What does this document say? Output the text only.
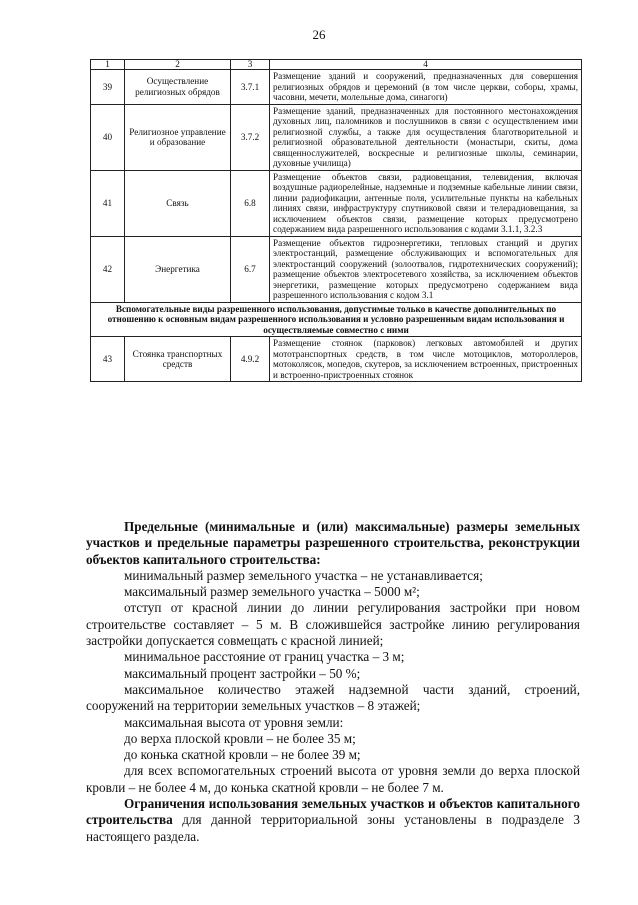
26
1	2	3	4
39	Осуществление религиозных обрядов	3.7.1	Размещение зданий и сооружений, предназначенных для совершения религиозных обрядов и церемоний (в том числе церкви, соборы, храмы, часовни, мечети, молельные дома, синагоги)
40	Религиозное управление и образование	3.7.2	Размещение зданий, предназначенных для постоянного местонахождения духовных лиц, паломников и послушников в связи с осуществлением ими религиозной службы, а также для осуществления благотворительной и религиозной образовательной деятельности (монастыри, скиты, дома священнослужителей, воскресные и религиозные школы, семинарии, духовные училища)
41	Связь	6.8	Размещение объектов связи, радиовещания, телевидения, включая воздушные радиорелейные, надземные и подземные кабельные линии связи, линии радиофикации, антенные поля, усилительные пункты на кабельных линиях связи, инфраструктуру спутниковой связи и телерадиовещания, за исключением объектов связи, размещение которых предусмотрено содержанием вида разрешенного использования с кодами 3.1.1, 3.2.3
42	Энергетика	6.7	Размещение объектов гидроэнергетики, тепловых станций и других электростанций, размещение обслуживающих и вспомогательных для электростанций сооружений (золоотвалов, гидротехнических сооружений); размещение объектов электросетевого хозяйства, за исключением объектов энергетики, размещение которых предусмотрено содержанием вида разрешенного использования с кодом 3.1
Вспомогательные виды разрешенного использования, допустимые только в качестве дополнительных по отношению к основным видам разрешенного использования и условно разрешенным видам использования и осуществляемые совместно с ними			
43	Стоянка транспортных средств	4.9.2	Размещение стоянок (парковок) легковых автомобилей и других мототранспортных средств, в том числе мотоциклов, мотороллеров, мотоколясок, мопедов, скутеров, за исключением встроенных, пристроенных и встроенно-пристроенных стоянок

Предельные (минимальные и (или) максимальные) размеры земельных участков и предельные параметры разрешенного строительства, реконструкции объектов капитального строительства:

минимальный размер земельного участка – не устанавливается;

максимальный размер земельного участка – 5000 м²;

отступ от красной линии до линии регулирования застройки при новом строительстве составляет – 5 м. В сложившейся застройке линию регулирования застройки допускается совмещать с красной линией;

минимальное расстояние от границ участка – 3 м;

максимальный процент застройки – 50 %;

максимальное количество этажей надземной части зданий, строений, сооружений на территории земельных участков – 8 этажей;

максимальная высота от уровня земли:

до верха плоской кровли – не более 35 м;

до конька скатной кровли – не более 39 м;

для всех вспомогательных строений высота от уровня земли до верха плоской кровли – не более 4 м, до конька скатной кровли – не более 7 м.

Ограничения использования земельных участков и объектов капитального строительства для данной территориальной зоны установлены в подразделе 3 настоящего раздела.
